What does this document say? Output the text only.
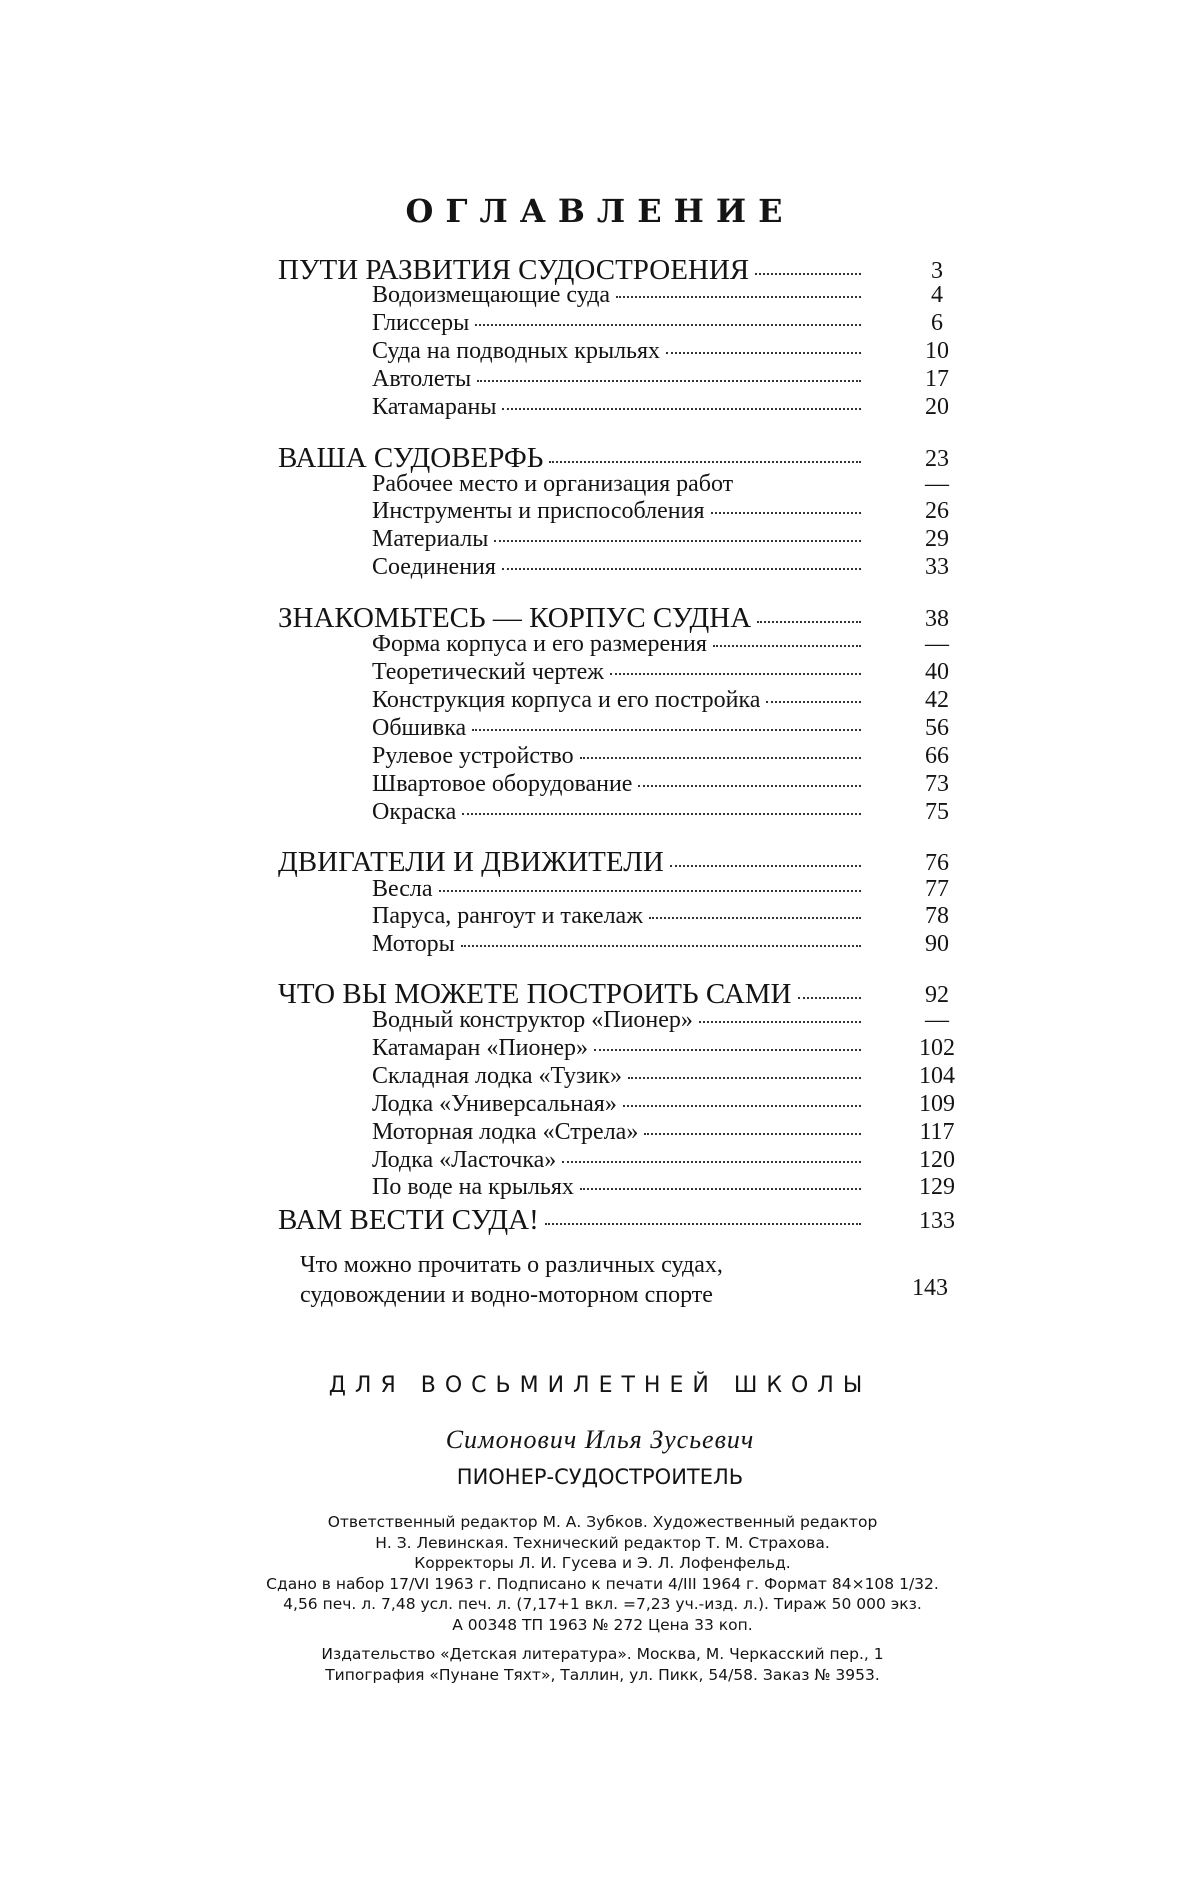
ОГЛАВЛЕНИЕ
ПУТИ РАЗВИТИЯ СУДОСТРОЕНИЯ	3
Водоизмещающие суда	4
Глиссеры	6
Суда на подводных крыльях	10
Автолеты	17
Катамараны	20
ВАША СУДОВЕРФЬ	23
Рабочее место и организация работ	—
Инструменты и приспособления	26
Материалы	29
Соединения	33
ЗНАКОМЬТЕСЬ — КОРПУС СУДНА	38
Форма корпуса и его размерения	—
Теоретический чертеж	40
Конструкция корпуса и его постройка	42
Обшивка	56
Рулевое устройство	66
Швартовое оборудование	73
Окраска	75
ДВИГАТЕЛИ И ДВИЖИТЕЛИ	76
Весла	77
Паруса, рангоут и такелаж	78
Моторы	90
ЧТО ВЫ МОЖЕТЕ ПОСТРОИТЬ САМИ	92
Водный конструктор «Пионер»	—
Катамаран «Пионер»	102
Складная лодка «Тузик»	104
Лодка «Универсальная»	109
Моторная лодка «Стрела»	117
Лодка «Ласточка»	120
По воде на крыльях	129
ВАМ ВЕСТИ СУДА!	133
Что можно прочитать о различных судах,
судовождении и водно-моторном спорте	143
ДЛЯ ВОСЬМИЛЕТНЕЙ ШКОЛЫ
Симонович Илья Зусьевич
ПИОНЕР-СУДОСТРОИТЕЛЬ
Ответственный редактор М. А. Зубков. Художественный редактор
Н. З. Левинская. Технический редактор Т. М. Страхова.
Корректоры Л. И. Гусева и Э. Л. Лофенфельд.
Сдано в набор 17/VI 1963 г. Подписано к печати 4/III 1964 г. Формат 84×108 1/32.
4,56 печ. л. 7,48 усл. печ. л. (7,17+1 вкл. =7,23 уч.-изд. л.). Тираж 50 000 экз.
А 00348 ТП 1963 № 272 Цена 33 коп.
Издательство «Детская литература». Москва, М. Черкасский пер., 1
Типография «Пунане Тяхт», Таллин, ул. Пикк, 54/58. Заказ № 3953.
